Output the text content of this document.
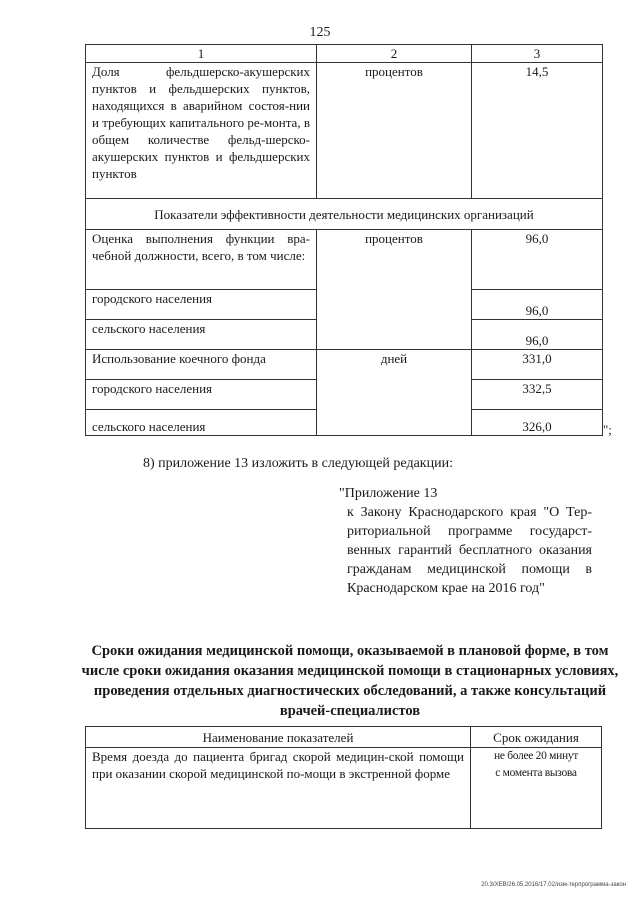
125
1	2	3
Доля фельдшерско-акушерских пунктов и фельдшерских пунктов, находящихся в аварийном состоя-нии и требующих капитального ре-монта, в общем количестве фельд-шерско-акушерских пунктов и фельдшерских пунктов	процентов	14,5
Показатели эффективности деятельности медицинских организаций		
Оценка выполнения функции вра-чебной должности, всего, в том числе:	процентов	96,0
городского населения		96,0
сельского населения		96,0
Использование коечного фонда	дней	331,0
городского населения		332,5
сельского населения		326,0	";
8) приложение 13 изложить в следующей редакции:
"Приложение 13
к Закону Краснодарского края "О Тер-риториальной программе государст-венных гарантий бесплатного оказания гражданам медицинской помощи в Краснодарском крае на 2016 год"
Сроки ожидания медицинской помощи, оказываемой в плановой форме, в том числе сроки ожидания оказания медицинской помощи в стационарных условиях, проведения отдельных диагностических обследований, а также консультаций врачей-специалистов
Наименование показателей	Срок ожидания
Время доезда до пациента бригад скорой медицин-ской помощи при оказании скорой медицинской по-мощи в экстренной форме	не более 20 минут
с момента вызова
20.3/ХЕВ/26.05.2016/17.02/изм-терпрограмма-закон
